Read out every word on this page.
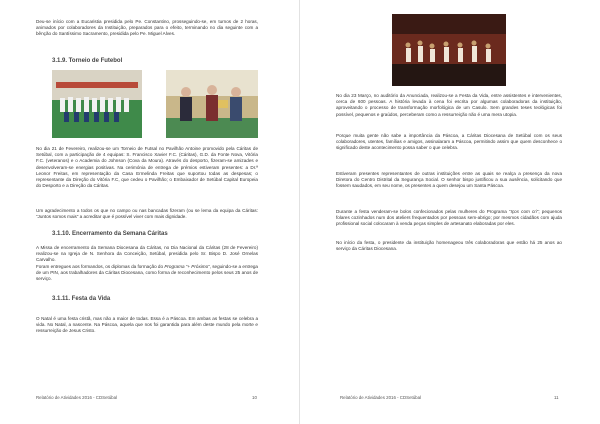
Deu-se início com a Eucaristia presidida pelo Pe. Constantino, prosseguindo-se, em turnos de 2 horas, animados por colaboradores da Instituição, preparados para o efeito, terminando no dia seguinte com a bênção do Santíssimo Sacramento, presidida pelo Pe. Miguel Alves.

3.1.9. Torneio de Futebol

No dia 21 de Fevereiro, realizou-se um Torneio de Futsal no Pavilhão Antoine promovido pela Cáritas de Setúbal, com a participação de 4 equipas: S. Francisco Xavier F.C. (Cáritas), G.D. da Fonte Nova, Vitória F.C. (veteranos) e o Academia do Johnson (Cova da Moura). Através do desporto, fizeram-se amizades e desenvolveram-se energias positivas. Na cerimónia de entrega de prémios estiveram presentes: a Dr.ª Leonor Freitas, em representação da Casa Ermelinda Freitas que suportou todas as despesas; o representante da Direção do Vitória F.C, que cedeu o Pavilhão; o Embaixador de Setúbal Capital Europeia do Desporto e a Direção da Cáritas.

Um agradecimento a todos os que no campo ou nas bancadas fizeram (ou se lema da equipa da Cáritas: “Juntos somos mais” a acreditar que é possível viver com mais dignidade.

3.1.10. Encerramento da Semana Cáritas

A Missa de encerramento da Semana Diocesana da Cáritas, no Dia Nacional da Cáritas (28 de Fevereiro) realizou-se na Igreja de N. Senhora da Conceição, Setúbal, presidida pelo Sr. Bispo D. José Ornelas Carvalho.

Foram entregues aos formandos, os diplomas da formação do Programa “+ Próximo”, seguindo-se a entrega de um PIN, aos trabalhadores da Cáritas Diocesana, como forma de reconhecimento pelos seus 25 anos de serviço.

3.1.11. Festa da Vida

O Natal é uma festa cristã, mas não a maior de todas. Essa é a Páscoa. Em ambas as festas se celebra a vida. No Natal, a nascente. Na Páscoa, aquela que nos foi garantida para além deste mundo pela morte e ressurreição de Jesus Cristo.

Relatório de Atividades 2016 - CDSetúbal	10

No dia 23 Março, no auditório da Anunciada, realizou-se a Festa da Vida, entre assistentes e intervenientes, cerca de 600 pessoas. A história levada à cena foi escrita por algumas colaboradoras da instituição, aproveitando o processo de transformação morfológica de um Casulo. Sem grandes teses teológicas foi possível, pequenos e graúdos, perceberam como a ressurreição não é uma mera utopia.

Porque muita gente não sabe a importância da Páscoa, a Cáritas Diocesana de Setúbal com os seus colaboradores, utentes, famílias e amigos, assinalaram a Páscoa, permitindo assim que quem desconhece o significado deste acontecimento possa saber o que celebra.

Estiveram presentes representantes de outras instituições entre as quais se realça a presença da nova Diretora do Centro Distrital da Segurança Social. O senhor bispo justificou a sua ausência, solicitando que fossem saudados, em seu nome, os presentes a quem desejou um Santa Páscoa.

Durante a festa venderam-se bolos confecionados pelas mulheres do Programa “Iços com cri”; pequenos folares cozinhados num dos ateliers frequentados por pessoas sem-abrigo; por mesmos cidadãos com ajuda profissional social colocaram à venda peças simples de artesanato elaboradas por eles.

No início da festa, o presidente da instituição homenageou três colaboradoras que estão há 25 anos ao serviço da Cáritas Diocesana.

Relatório de Atividades 2016 - CDSetúbal	11
